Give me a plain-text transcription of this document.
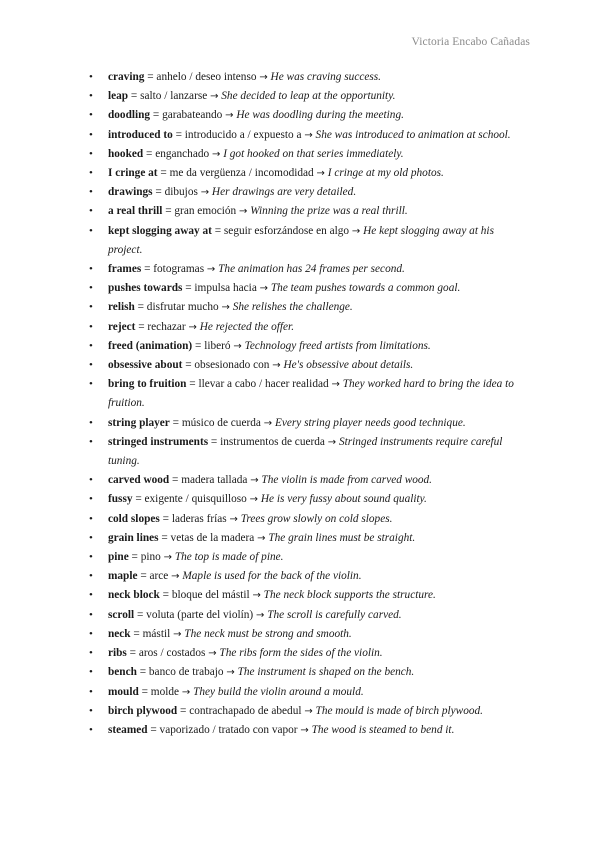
Victoria Encabo Cañadas
• craving = anhelo / deseo intenso → He was craving success.
• leap = salto / lanzarse → She decided to leap at the opportunity.
• doodling = garabateando → He was doodling during the meeting.
• introduced to = introducido a / expuesto a → She was introduced to animation at school.
• hooked = enganchado → I got hooked on that series immediately.
• I cringe at = me da vergüenza / incomodidad → I cringe at my old photos.
• drawings = dibujos → Her drawings are very detailed.
• a real thrill = gran emoción → Winning the prize was a real thrill.
• kept slogging away at = seguir esforzándose en algo → He kept slogging away at his project.
• frames = fotogramas → The animation has 24 frames per second.
• pushes towards = impulsa hacia → The team pushes towards a common goal.
• relish = disfrutar mucho → She relishes the challenge.
• reject = rechazar → He rejected the offer.
• freed (animation) = liberó → Technology freed artists from limitations.
• obsessive about = obsesionado con → He's obsessive about details.
• bring to fruition = llevar a cabo / hacer realidad → They worked hard to bring the idea to fruition.
• string player = músico de cuerda → Every string player needs good technique.
• stringed instruments = instrumentos de cuerda → Stringed instruments require careful tuning.
• carved wood = madera tallada → The violin is made from carved wood.
• fussy = exigente / quisquilloso → He is very fussy about sound quality.
• cold slopes = laderas frías → Trees grow slowly on cold slopes.
• grain lines = vetas de la madera → The grain lines must be straight.
• pine = pino → The top is made of pine.
• maple = arce → Maple is used for the back of the violin.
• neck block = bloque del mástil → The neck block supports the structure.
• scroll = voluta (parte del violín) → The scroll is carefully carved.
• neck = mástil → The neck must be strong and smooth.
• ribs = aros / costados → The ribs form the sides of the violin.
• bench = banco de trabajo → The instrument is shaped on the bench.
• mould = molde → They build the violin around a mould.
• birch plywood = contrachapado de abedul → The mould is made of birch plywood.
• steamed = vaporizado / tratado con vapor → The wood is steamed to bend it.
